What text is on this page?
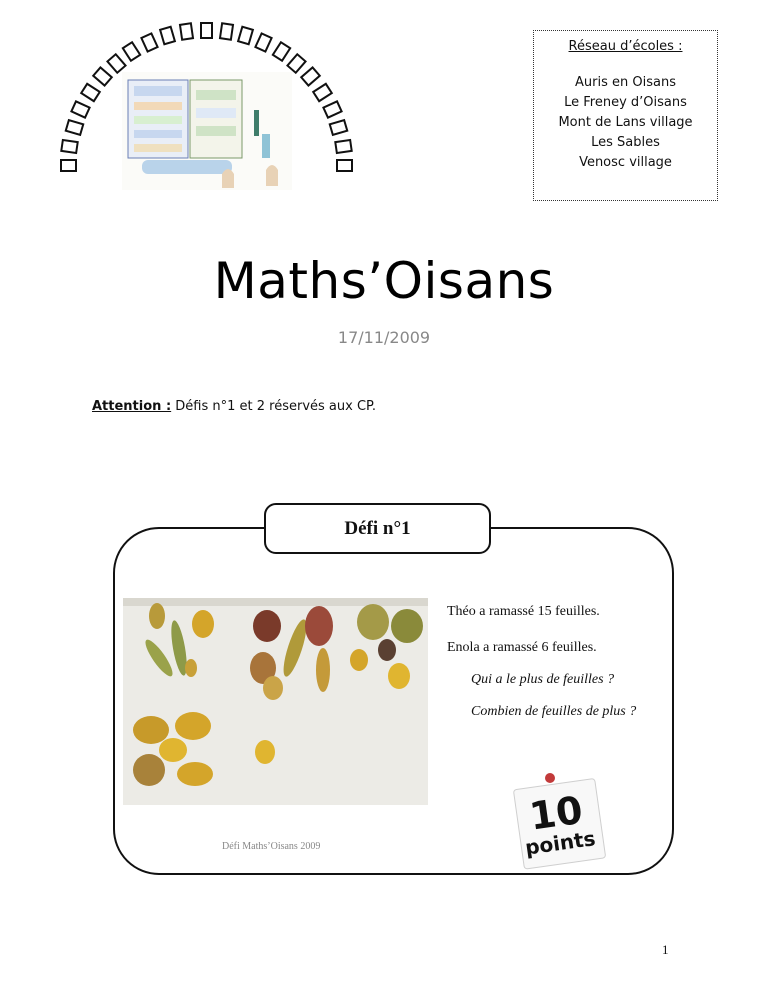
Réseau d’écoles :
Auris en Oisans
Le Freney d’Oisans
Mont de Lans village
Les Sables
Venosc village
Maths’Oisans
17/11/2009
Attention : Défis n°1 et 2 réservés aux CP.
Défi n°1
Théo a ramassé 15 feuilles.
Enola a ramassé 6 feuilles.
Qui a le plus de feuilles ?
Combien de feuilles de plus ?
10
points
Défi Maths’Oisans 2009
1
